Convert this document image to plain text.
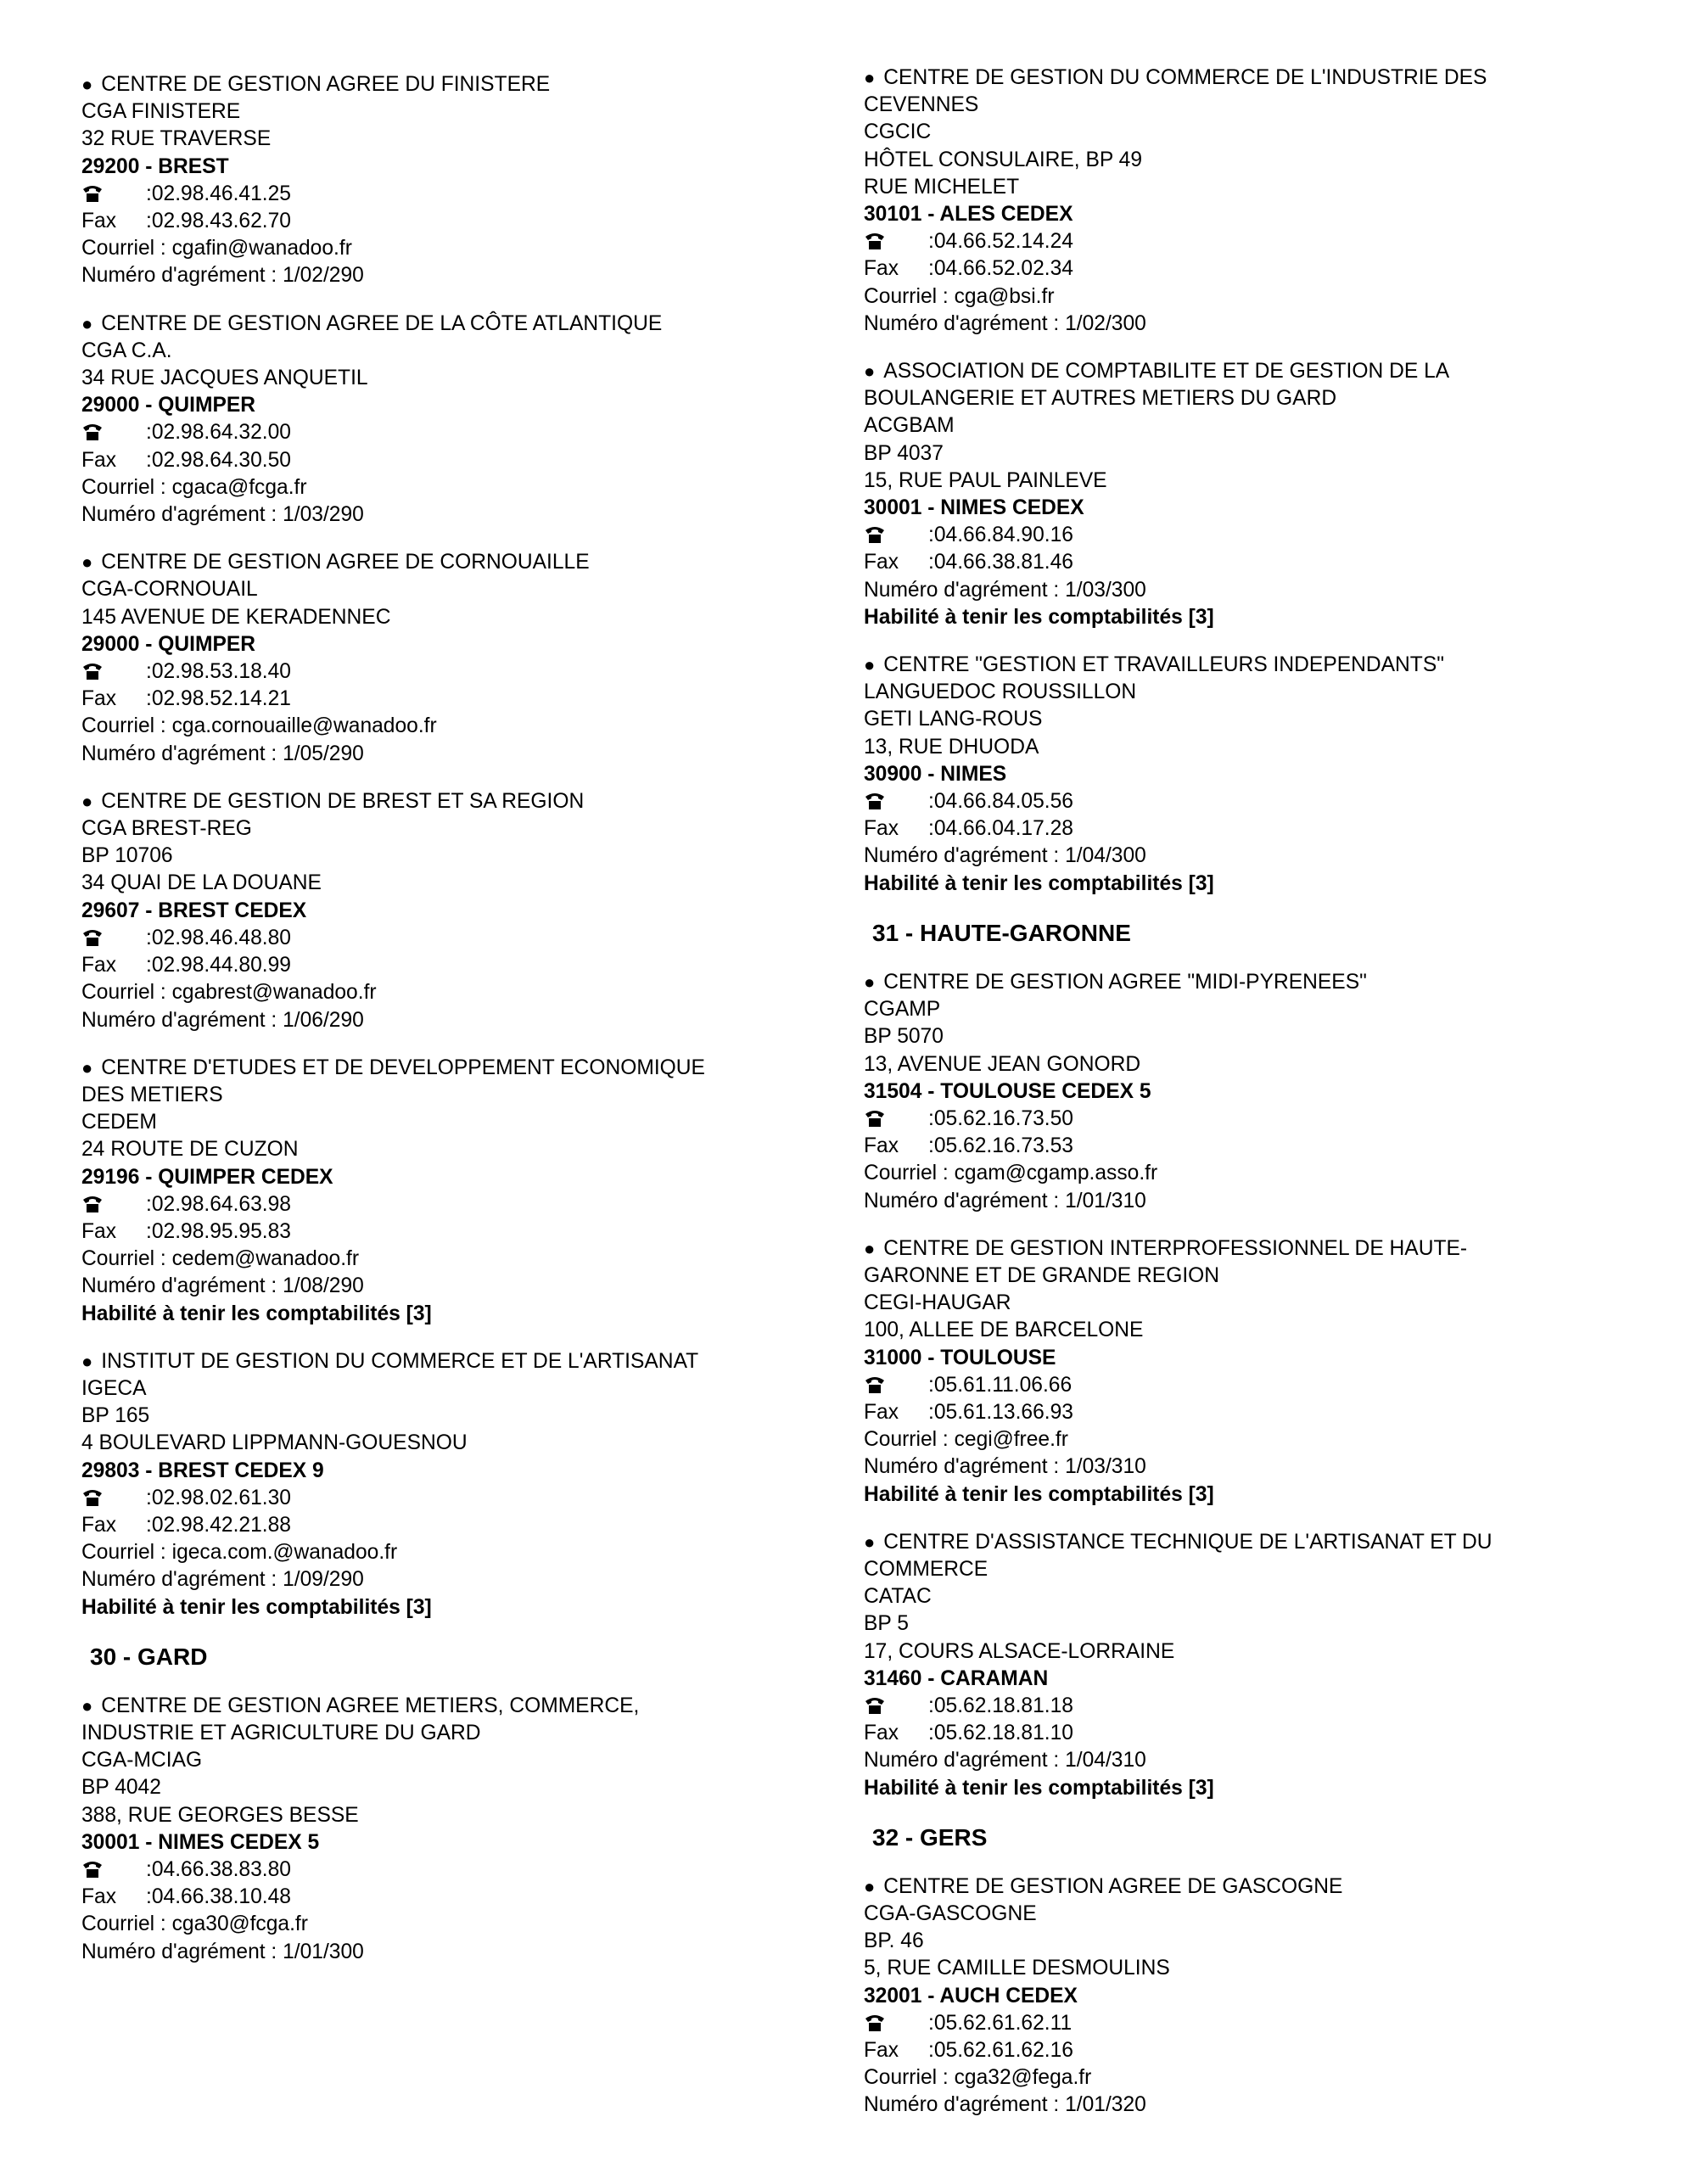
● CENTRE DE GESTION AGREE DU FINISTERE
CGA FINISTERE
32 RUE TRAVERSE
29200 - BREST
: 02.98.46.41.25
Fax	: 02.98.43.62.70
Courriel : cgafin@wanadoo.fr
Numéro d'agrément : 1/02/290
● CENTRE DE GESTION AGREE DE LA CÔTE ATLANTIQUE
CGA C.A.
34 RUE JACQUES ANQUETIL
29000 - QUIMPER
: 02.98.64.32.00
Fax	: 02.98.64.30.50
Courriel : cgaca@fcga.fr
Numéro d'agrément : 1/03/290
● CENTRE DE GESTION AGREE DE CORNOUAILLE
CGA-CORNOUAIL
145 AVENUE DE KERADENNEC
29000 - QUIMPER
: 02.98.53.18.40
Fax	: 02.98.52.14.21
Courriel : cga.cornouaille@wanadoo.fr
Numéro d'agrément : 1/05/290
● CENTRE DE GESTION DE BREST ET SA REGION
CGA BREST-REG
BP 10706
34 QUAI DE LA DOUANE
29607 - BREST CEDEX
: 02.98.46.48.80
Fax	: 02.98.44.80.99
Courriel : cgabrest@wanadoo.fr
Numéro d'agrément : 1/06/290
● CENTRE D'ETUDES ET DE DEVELOPPEMENT ECONOMIQUE
DES METIERS
CEDEM
24 ROUTE DE CUZON
29196 - QUIMPER CEDEX
: 02.98.64.63.98
Fax	: 02.98.95.95.83
Courriel : cedem@wanadoo.fr
Numéro d'agrément : 1/08/290
Habilité à tenir les comptabilités [3]
● INSTITUT DE GESTION DU COMMERCE ET DE L'ARTISANAT
IGECA
BP 165
4 BOULEVARD LIPPMANN-GOUESNOU
29803 - BREST CEDEX 9
: 02.98.02.61.30
Fax	: 02.98.42.21.88
Courriel : igeca.com.@wanadoo.fr
Numéro d'agrément : 1/09/290
Habilité à tenir les comptabilités [3]
30 - GARD
● CENTRE DE GESTION AGREE METIERS, COMMERCE,
INDUSTRIE ET AGRICULTURE DU GARD
CGA-MCIAG
BP 4042
388, RUE GEORGES BESSE
30001 - NIMES CEDEX 5
: 04.66.38.83.80
Fax	: 04.66.38.10.48
Courriel : cga30@fcga.fr
Numéro d'agrément : 1/01/300
● CENTRE DE GESTION DU COMMERCE DE L'INDUSTRIE DES
CEVENNES
CGCIC
HÔTEL CONSULAIRE, BP 49
RUE MICHELET
30101 - ALES CEDEX
: 04.66.52.14.24
Fax	: 04.66.52.02.34
Courriel : cga@bsi.fr
Numéro d'agrément : 1/02/300
● ASSOCIATION DE COMPTABILITE ET DE GESTION DE LA
BOULANGERIE ET AUTRES METIERS DU GARD
ACGBAM
BP 4037
15, RUE PAUL PAINLEVE
30001 - NIMES CEDEX
: 04.66.84.90.16
Fax	: 04.66.38.81.46
Numéro d'agrément : 1/03/300
Habilité à tenir les comptabilités [3]
● CENTRE "GESTION ET TRAVAILLEURS INDEPENDANTS"
LANGUEDOC ROUSSILLON
GETI LANG-ROUS
13, RUE DHUODA
30900 - NIMES
: 04.66.84.05.56
Fax	: 04.66.04.17.28
Numéro d'agrément : 1/04/300
Habilité à tenir les comptabilités [3]
31 - HAUTE-GARONNE
● CENTRE DE GESTION AGREE "MIDI-PYRENEES"
CGAMP
BP 5070
13, AVENUE JEAN GONORD
31504 - TOULOUSE CEDEX 5
: 05.62.16.73.50
Fax	: 05.62.16.73.53
Courriel : cgam@cgamp.asso.fr
Numéro d'agrément : 1/01/310
● CENTRE DE GESTION INTERPROFESSIONNEL DE HAUTE-
GARONNE ET DE GRANDE REGION
CEGI-HAUGAR
100, ALLEE DE BARCELONE
31000 - TOULOUSE
: 05.61.11.06.66
Fax	: 05.61.13.66.93
Courriel : cegi@free.fr
Numéro d'agrément : 1/03/310
Habilité à tenir les comptabilités [3]
● CENTRE D'ASSISTANCE TECHNIQUE DE L'ARTISANAT ET DU
COMMERCE
CATAC
BP 5
17, COURS ALSACE-LORRAINE
31460 - CARAMAN
: 05.62.18.81.18
Fax	: 05.62.18.81.10
Numéro d'agrément : 1/04/310
Habilité à tenir les comptabilités [3]
32 - GERS
● CENTRE DE GESTION AGREE DE GASCOGNE
CGA-GASCOGNE
BP. 46
5, RUE CAMILLE DESMOULINS
32001 - AUCH CEDEX
: 05.62.61.62.11
Fax	: 05.62.61.62.16
Courriel : cga32@fega.fr
Numéro d'agrément : 1/01/320
